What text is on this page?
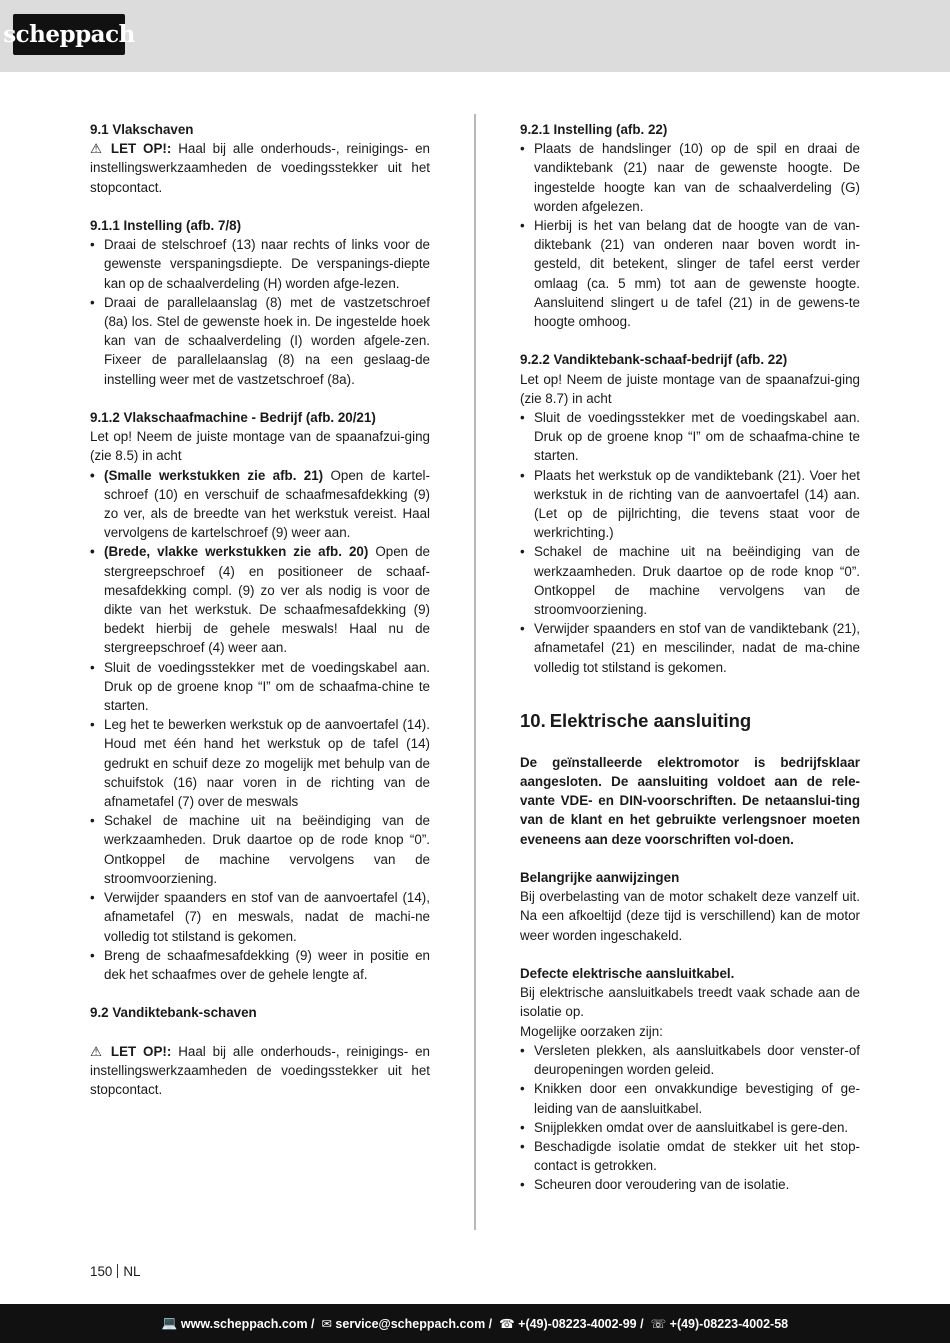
scheppach

9.1 Vlakschaven

⚠ LET OP!: Haal bij alle onderhouds-, reinigings- en instellingswerkzaamheden de voedingsstekker uit het stopcontact.

9.1.1 Instelling (afb. 7/8)

• Draai de stelschroef (13) naar rechts of links voor de gewenste verspaningsdiepte. De verspanings-diepte kan op de schaalverdeling (H) worden afge-lezen.
• Draai de parallelaanslag (8) met de vastzetschroef (8a) los. Stel de gewenste hoek in. De ingestelde hoek kan van de schaalverdeling (I) worden afgele-zen. Fixeer de parallelaanslag (8) na een geslaag-de instelling weer met de vastzetschroef (8a).

9.1.2 Vlakschaafmachine - Bedrijf (afb. 20/21)

Let op! Neem de juiste montage van de spaanafzui-ging (zie 8.5) in acht

• (Smalle werkstukken zie afb. 21) Open de kartel-schroef (10) en verschuif de schaafmesafdekking (9) zo ver, als de breedte van het werkstuk vereist. Haal vervolgens de kartelschroef (9) weer aan.
• (Brede, vlakke werkstukken zie afb. 20) Open de stergreepschroef (4) en positioneer de schaaf-mesafdekking compl. (9) zo ver als nodig is voor de dikte van het werkstuk. De schaafmesafdekking (9) bedekt hierbij de gehele meswals! Haal nu de stergreepschroef (4) weer aan.
• Sluit de voedingsstekker met de voedingskabel aan. Druk op de groene knop “I” om de schaafma-chine te starten.
• Leg het te bewerken werkstuk op de aanvoertafel (14). Houd met één hand het werkstuk op de tafel (14) gedrukt en schuif deze zo mogelijk met behulp van de schuifstok (16) naar voren in de richting van de afnametafel (7) over de meswals
• Schakel de machine uit na beëindiging van de werkzaamheden. Druk daartoe op de rode knop “0”. Ontkoppel de machine vervolgens van de stroomvoorziening.
• Verwijder spaanders en stof van de aanvoertafel (14), afnametafel (7) en meswals, nadat de machi-ne volledig tot stilstand is gekomen.
• Breng de schaafmesafdekking (9) weer in positie en dek het schaafmes over de gehele lengte af.

9.2 Vandiktebank-schaven

⚠ LET OP!: Haal bij alle onderhouds-, reinigings- en instellingswerkzaamheden de voedingsstekker uit het stopcontact.

9.2.1 Instelling (afb. 22)

• Plaats de handslinger (10) op de spil en draai de vandiktebank (21) naar de gewenste hoogte. De ingestelde hoogte kan van de schaalverdeling (G) worden afgelezen.
• Hierbij is het van belang dat de hoogte van de van-diktebank (21) van onderen naar boven wordt in-gesteld, dit betekent, slinger de tafel eerst verder omlaag (ca. 5 mm) tot aan de gewenste hoogte. Aansluitend slingert u de tafel (21) in de gewens-te hoogte omhoog.

9.2.2 Vandiktebank-schaaf-bedrijf (afb. 22)

Let op! Neem de juiste montage van de spaanafzui-ging (zie 8.7) in acht

• Sluit de voedingsstekker met de voedingskabel aan. Druk op de groene knop “I” om de schaafma-chine te starten.
• Plaats het werkstuk op de vandiktebank (21). Voer het werkstuk in de richting van de aanvoertafel (14) aan. (Let op de pijlrichting, die tevens staat voor de werkrichting.)
• Schakel de machine uit na beëindiging van de werkzaamheden. Druk daartoe op de rode knop “0”. Ontkoppel de machine vervolgens van de stroomvoorziening.
• Verwijder spaanders en stof van de vandiktebank (21), afnametafel (21) en mescilinder, nadat de ma-chine volledig tot stilstand is gekomen.

10. Elektrische aansluiting

De geïnstalleerde elektromotor is bedrijfsklaar aangesloten. De aansluiting voldoet aan de rele-vante VDE- en DIN-voorschriften. De netaanslui-ting van de klant en het gebruikte verlengsnoer moeten eveneens aan deze voorschriften vol-doen.

Belangrijke aanwijzingen

Bij overbelasting van de motor schakelt deze vanzelf uit. Na een afkoeltijd (deze tijd is verschillend) kan de motor weer worden ingeschakeld.

Defecte elektrische aansluitkabel.

Bij elektrische aansluitkabels treedt vaak schade aan de isolatie op.

Mogelijke oorzaken zijn:

• Versleten plekken, als aansluitkabels door venster-of deuropeningen worden geleid.
• Knikken door een onvakkundige bevestiging of ge-leiding van de aansluitkabel.
• Snijplekken omdat over de aansluitkabel is gere-den.
• Beschadigde isolatie omdat de stekker uit het stop-contact is getrokken.
• Scheuren door veroudering van de isolatie.
150 NL
💻 www.scheppach.com / ✉ service@scheppach.com / ☎ +(49)-08223-4002-99 / ☏ +(49)-08223-4002-58
